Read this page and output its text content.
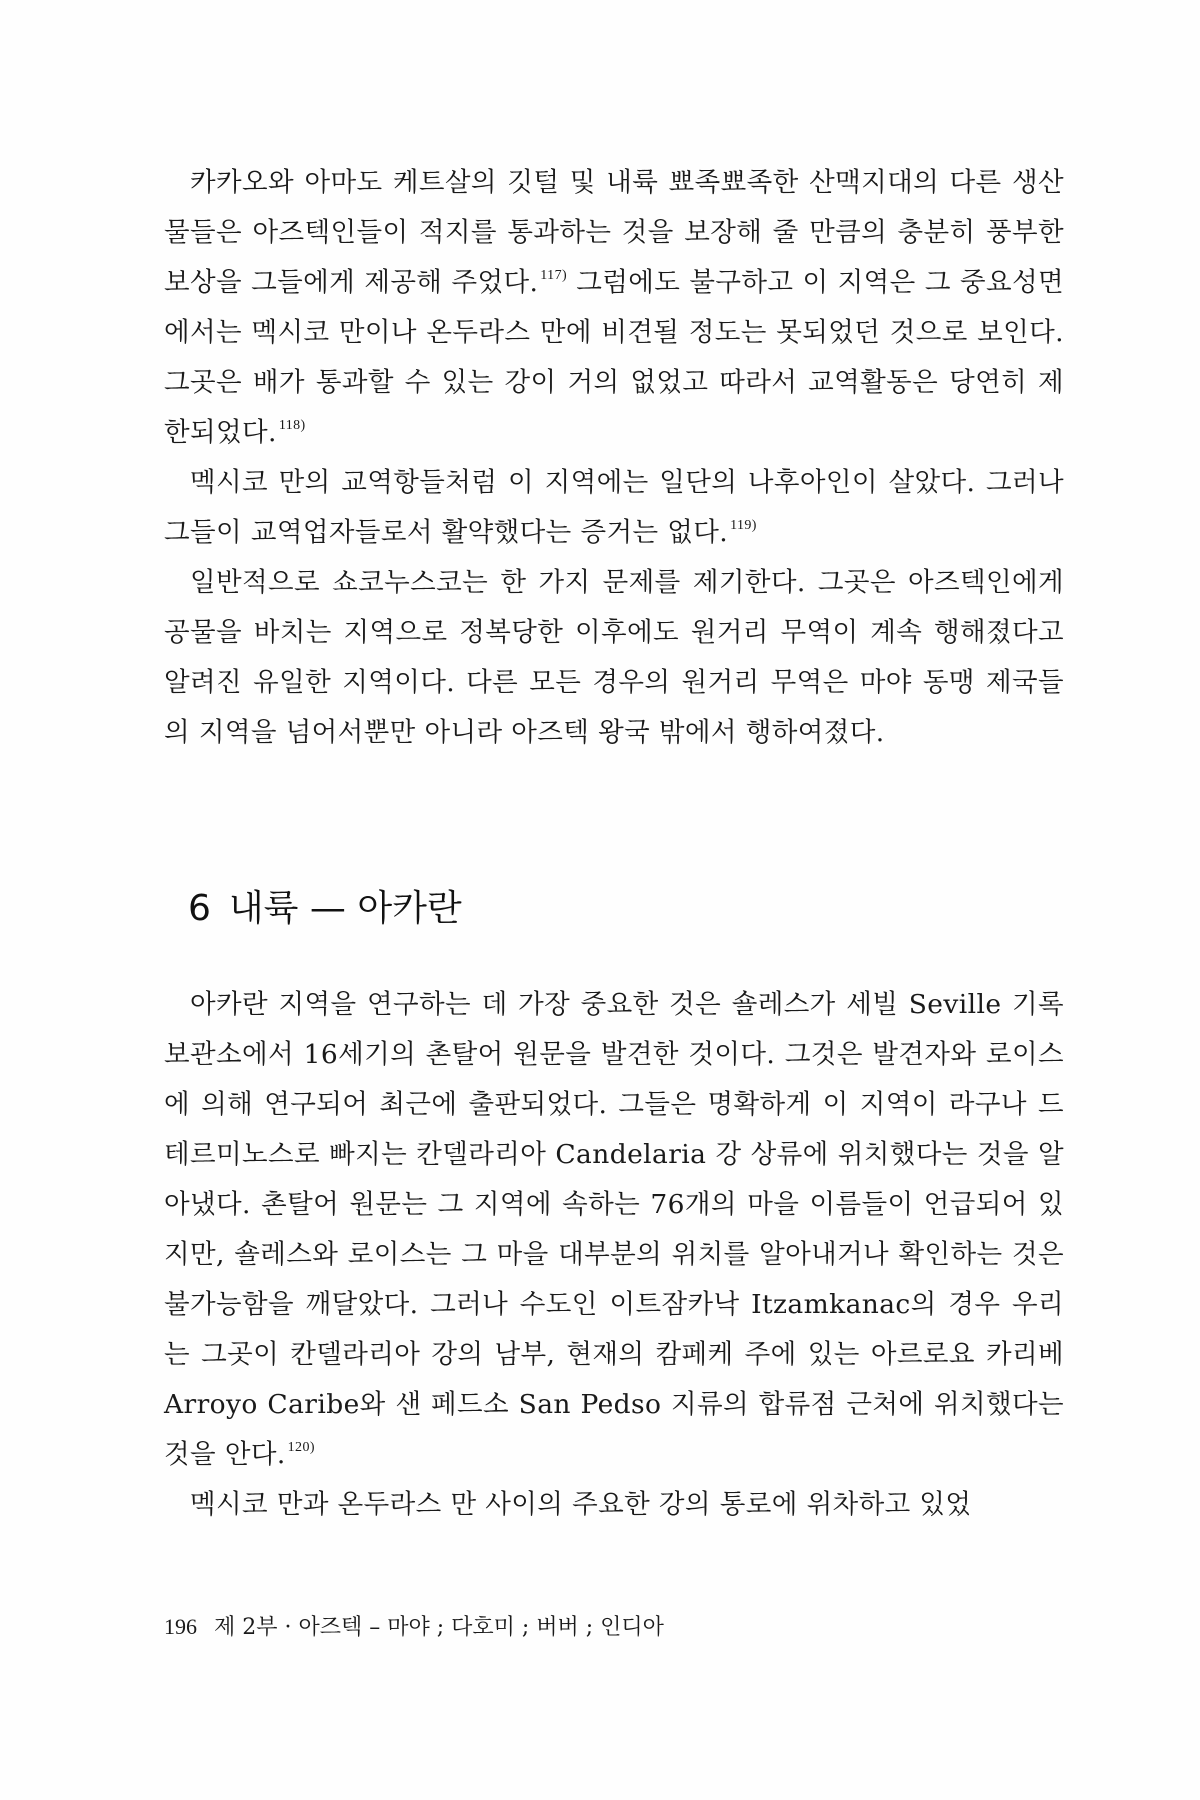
카카오와 아마도 케트살의 깃털 및 내륙 뾰족뾰족한 산맥지대의 다른 생산물들은 아즈텍인들이 적지를 통과하는 것을 보장해 줄 만큼의 충분히 풍부한 보상을 그들에게 제공해 주었다. $^{117)}$ 그럼에도 불구하고 이 지역은 그 중요성면에서는 멕시코 만이나 온두라스 만에 비견될 정도는 못되었던 것으로 보인다. 그곳은 배가 통과할 수 있는 강이 거의 없었고 따라서 교역활동은 당연히 제한되었다. $^{118)}$

멕시코 만의 교역항들처럼 이 지역에는 일단의 나후아인이 살았다. 그러나 그들이 교역업자들로서 활약했다는 증거는 없다. $^{119)}$

일반적으로 쇼코누스코는 한 가지 문제를 제기한다. 그곳은 아즈텍인에게 공물을 바치는 지역으로 정복당한 이후에도 원거리 무역이 계속 행해졌다고 알려진 유일한 지역이다. 다른 모든 경우의 원거리 무역은 마야 동맹 제국들의 지역을 넘어서뿐만 아니라 아즈텍 왕국 밖에서 행하여졌다.

6 내륙 — 아카란

아카란 지역을 연구하는 데 가장 중요한 것은 숄레스가 세빌 Seville 기록보관소에서 16세기의 촌탈어 원문을 발견한 것이다. 그것은 발견자와 로이스에 의해 연구되어 최근에 출판되었다. 그들은 명확하게 이 지역이 라구나 드 테르미노스로 빠지는 칸델라리아 Candelaria 강 상류에 위치했다는 것을 알아냈다. 촌탈어 원문는 그 지역에 속하는 76개의 마을 이름들이 언급되어 있지만, 숄레스와 로이스는 그 마을 대부분의 위치를 알아내거나 확인하는 것은 불가능함을 깨달았다. 그러나 수도인 이트잠카낙 Itzamkanac의 경우 우리는 그곳이 칸델라리아 강의 남부, 현재의 캄페케 주에 있는 아르로요 카리베 Arroyo Caribe와 샌 페드소 San Pedso 지류의 합류점 근처에 위치했다는 것을 안다. $^{120)}$

멕시코 만과 온두라스 만 사이의 주요한 강의 통로에 위차하고 있었

196 제 2부 · 아즈텍 – 마야 ; 다호미 ; 버버 ; 인디아
